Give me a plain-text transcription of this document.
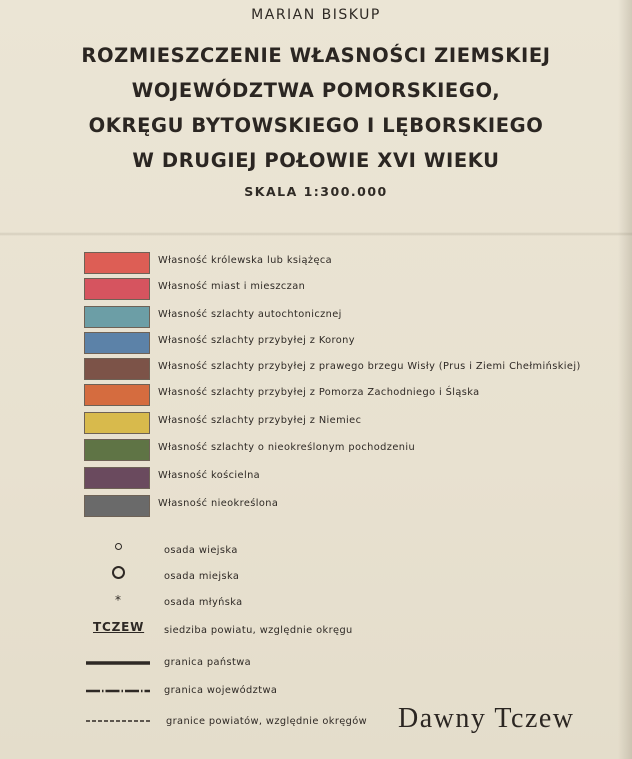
MARIAN BISKUP
ROZMIESZCZENIE WŁASNOŚCI ZIEMSKIEJ
WOJEWÓDZTWA POMORSKIEGO,
OKRĘGU BYTOWSKIEGO I LĘBORSKIEGO
W DRUGIEJ POŁOWIE XVI WIEKU
SKALA 1:300.000
Własność królewska lub książęca
Własność miast i mieszczan
Własność szlachty autochtonicznej
Własność szlachty przybyłej z Korony
Własność szlachty przybyłej z prawego brzegu Wisły (Prus i Ziemi Chełmińskiej)
Własność szlachty przybyłej z Pomorza Zachodniego i Śląska
Własność szlachty przybyłej z Niemiec
Własność szlachty o nieokreślonym pochodzeniu
Własność kościelna
Własność nieokreślona
osada wiejska
osada miejska
*	osada młyńska
TCZEW siedziba powiatu, względnie okręgu
granica państwa
granica województwa
granice powiatów, względnie okręgów Dawny Tczew
